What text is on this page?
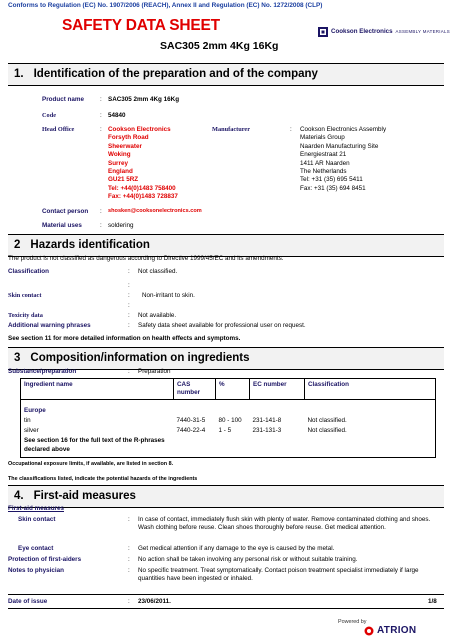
Conforms to Regulation (EC) No. 1907/2006 (REACH), Annex II and Regulation (EC) No. 1272/2008 (CLP)
SAFETY DATA SHEET	Cookson Electronics ASSEMBLY MATERIALS
SAC305 2mm 4Kg 16Kg
1. Identification of the preparation and of the company
Product name	: SAC305 2mm 4Kg 16Kg
Code	: 54840
Head Office	: Cookson Electronics
Forsyth Road
Sheerwater
Woking
Surrey
England
GU21 5RZ
Tel: +44(0)1483 758400
Fax: +44(0)1483 728837
Manufacturer	: Cookson Electronics Assembly
Materials Group
Naarden Manufacturing Site
Energiestraat 21
1411 AR Naarden
The Netherlands
Tel: +31 (35) 695 5411
Fax: +31 (35) 694 8451
Contact person : shosken@cooksonelectronics.com
Material uses	: soldering
2 Hazards identification
The product is not classified as dangerous according to Directive 1999/45/EC and its amendments.
Classification	: Not classified.
:
Skin contact	: Non-irritant to skin.
:
Toxicity data	: Not available.
Additional warning phrases	: Safety data sheet available for professional user on request.
See section 11 for more detailed information on health effects and symptoms.
3 Composition/information on ingredients
Substance/preparation	: Preparation
Ingredient name	CAS number	%	EC number	Classification

Europe				
tin	7440-31-5	80 - 100	231-141-8	Not classified.
silver	7440-22-4	1 - 5	231-131-3	Not classified.
See section 16 for the full text of the R-phrases declared above				
Occupational exposure limits, if available, are listed in section 8.
The classifications listed, indicate the potential hazards of the ingredients
4. First-aid measures
First-aid measures
Skin contact	: In case of contact, immediately flush skin with plenty of water. Remove contaminated clothing and shoes. Wash clothing before reuse. Clean shoes thoroughly before reuse. Get medical attention.
Eye contact	: Get medical attention if any damage to the eye is caused by the metal.
Protection of first-aiders	: No action shall be taken involving any personal risk or without suitable training.
Notes to physician	: No specific treatment. Treat symptomatically. Contact poison treatment specialist immediately if large quantities have been ingested or inhaled.
Date of issue	: 23/06/2011.	1/8
Powered by
ATRION
